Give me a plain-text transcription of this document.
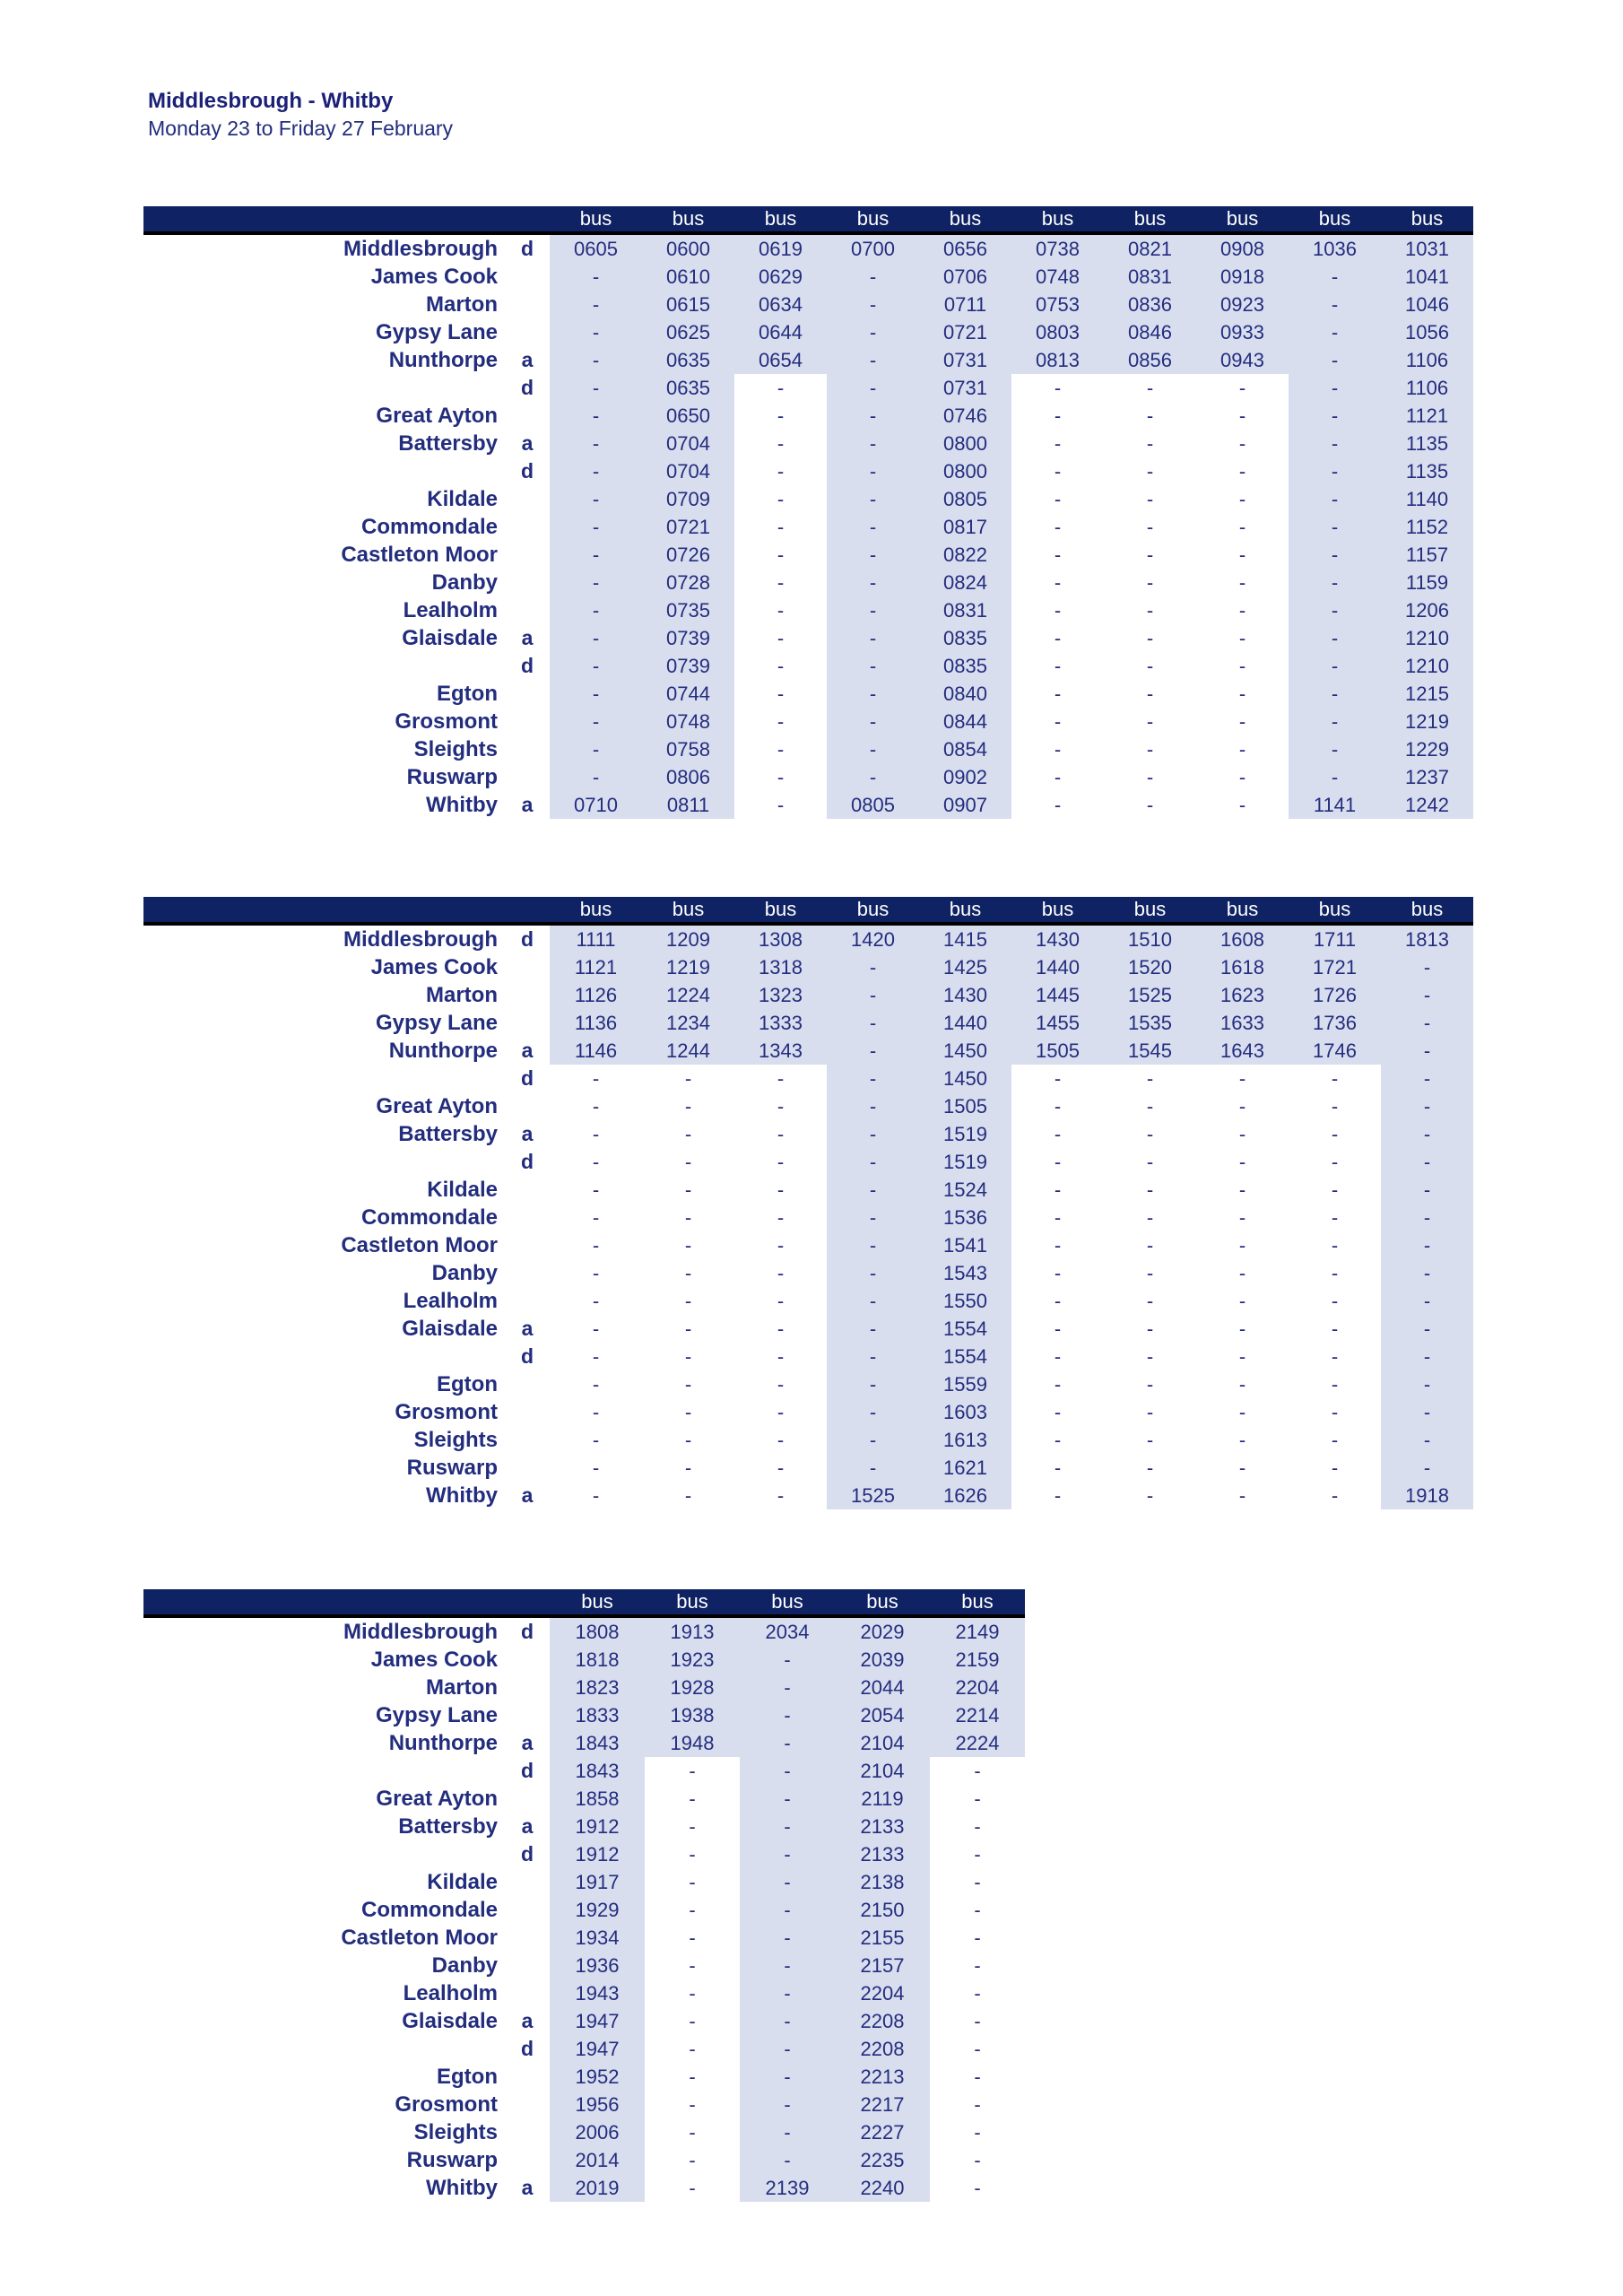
Middlesbrough - Whitby
Monday 23 to Friday 27 February
		bus	bus	bus	bus	bus	bus	bus	bus	bus	bus
Middlesbrough	d	0605	0600	0619	0700	0656	0738	0821	0908	1036	1031
James Cook		-	0610	0629	-	0706	0748	0831	0918	-	1041
Marton		-	0615	0634	-	0711	0753	0836	0923	-	1046
Gypsy Lane		-	0625	0644	-	0721	0803	0846	0933	-	1056
Nunthorpe	a	-	0635	0654	-	0731	0813	0856	0943	-	1106
	d	-	0635	-	-	0731	-	-	-	-	1106
Great Ayton		-	0650	-	-	0746	-	-	-	-	1121
Battersby	a	-	0704	-	-	0800	-	-	-	-	1135
	d	-	0704	-	-	0800	-	-	-	-	1135
Kildale		-	0709	-	-	0805	-	-	-	-	1140
Commondale		-	0721	-	-	0817	-	-	-	-	1152
Castleton Moor		-	0726	-	-	0822	-	-	-	-	1157
Danby		-	0728	-	-	0824	-	-	-	-	1159
Lealholm		-	0735	-	-	0831	-	-	-	-	1206
Glaisdale	a	-	0739	-	-	0835	-	-	-	-	1210
	d	-	0739	-	-	0835	-	-	-	-	1210
Egton		-	0744	-	-	0840	-	-	-	-	1215
Grosmont		-	0748	-	-	0844	-	-	-	-	1219
Sleights		-	0758	-	-	0854	-	-	-	-	1229
Ruswarp		-	0806	-	-	0902	-	-	-	-	1237
Whitby	a	0710	0811	-	0805	0907	-	-	-	1141	1242
		bus	bus	bus	bus	bus	bus	bus	bus	bus	bus
Middlesbrough	d	1111	1209	1308	1420	1415	1430	1510	1608	1711	1813
James Cook		1121	1219	1318	-	1425	1440	1520	1618	1721	-
Marton		1126	1224	1323	-	1430	1445	1525	1623	1726	-
Gypsy Lane		1136	1234	1333	-	1440	1455	1535	1633	1736	-
Nunthorpe	a	1146	1244	1343	-	1450	1505	1545	1643	1746	-
	d	-	-	-	-	1450	-	-	-	-	-
Great Ayton		-	-	-	-	1505	-	-	-	-	-
Battersby	a	-	-	-	-	1519	-	-	-	-	-
	d	-	-	-	-	1519	-	-	-	-	-
Kildale		-	-	-	-	1524	-	-	-	-	-
Commondale		-	-	-	-	1536	-	-	-	-	-
Castleton Moor		-	-	-	-	1541	-	-	-	-	-
Danby		-	-	-	-	1543	-	-	-	-	-
Lealholm		-	-	-	-	1550	-	-	-	-	-
Glaisdale	a	-	-	-	-	1554	-	-	-	-	-
	d	-	-	-	-	1554	-	-	-	-	-
Egton		-	-	-	-	1559	-	-	-	-	-
Grosmont		-	-	-	-	1603	-	-	-	-	-
Sleights		-	-	-	-	1613	-	-	-	-	-
Ruswarp		-	-	-	-	1621	-	-	-	-	-
Whitby	a	-	-	-	1525	1626	-	-	-	-	1918
		bus	bus	bus	bus	bus
Middlesbrough	d	1808	1913	2034	2029	2149
James Cook		1818	1923	-	2039	2159
Marton		1823	1928	-	2044	2204
Gypsy Lane		1833	1938	-	2054	2214
Nunthorpe	a	1843	1948	-	2104	2224
	d	1843	-	-	2104	-
Great Ayton		1858	-	-	2119	-
Battersby	a	1912	-	-	2133	-
	d	1912	-	-	2133	-
Kildale		1917	-	-	2138	-
Commondale		1929	-	-	2150	-
Castleton Moor		1934	-	-	2155	-
Danby		1936	-	-	2157	-
Lealholm		1943	-	-	2204	-
Glaisdale	a	1947	-	-	2208	-
	d	1947	-	-	2208	-
Egton		1952	-	-	2213	-
Grosmont		1956	-	-	2217	-
Sleights		2006	-	-	2227	-
Ruswarp		2014	-	-	2235	-
Whitby	a	2019	-	2139	2240	-
